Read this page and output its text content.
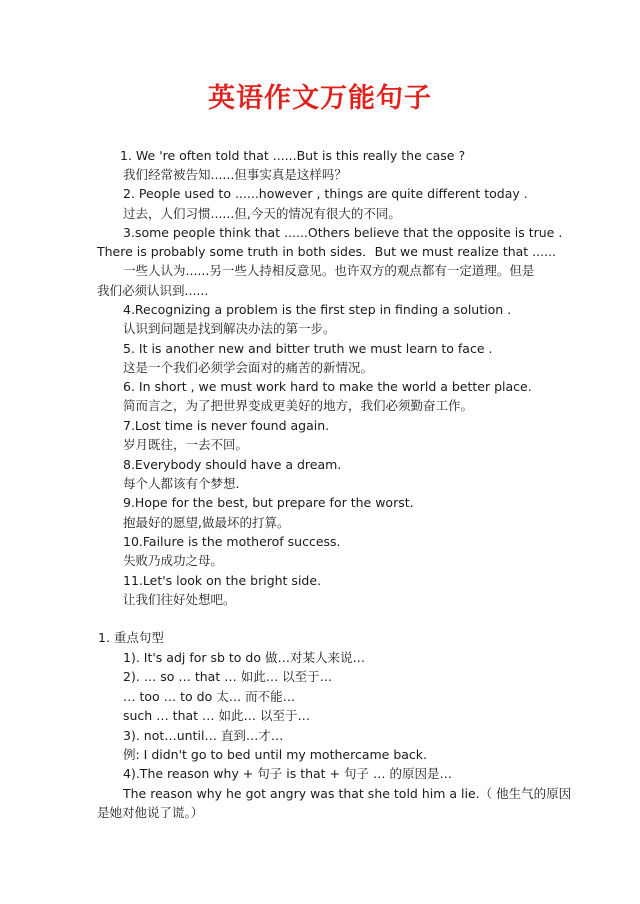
英语作文万能句子
1. We 're often told that ......But is this really the case ?
我们经常被告知......但事实真是这样吗？
2. People used to ......however , things are quite different today .
过去，人们习惯......但,今天的情况有很大的不同。
3.some people think that ......Others believe that the opposite is true .
There is probably some truth in both sides．But we must realize that ......
一些人认为......另一些人持相反意见。也许双方的观点都有一定道理。但是
我们必须认识到......
4.Recognizing a problem is the first step in finding a solution .
认识到问题是找到解决办法的第一步。
5. It is another new and bitter truth we must learn to face .
这是一个我们必须学会面对的痛苦的新情况。
6. In short , we must work hard to make the world a better place.
简而言之，为了把世界变成更美好的地方，我们必须勤奋工作。
7.Lost time is never found again.
岁月既往，一去不回。
8.Everybody should have a dream.
每个人都该有个梦想.
9.Hope for the best, but prepare for the worst.
抱最好的愿望,做最坏的打算。
10.Failure is the motherof success.
失败乃成功之母。
11.Let's look on the bright side.
让我们往好处想吧。
1. 重点句型
1). It's adj for sb to do 做…对某人来说…
2). … so … that … 如此… 以至于…
… too … to do 太… 而不能…
such … that … 如此… 以至于…
3). not…until… 直到…才…
例: I didn't go to bed until my mothercame back.
4).The reason why + 句子 is that + 句子 … 的原因是…
The reason why he got angry was that she told him a lie.（ 他生气的原因
是她对他说了谎。）
